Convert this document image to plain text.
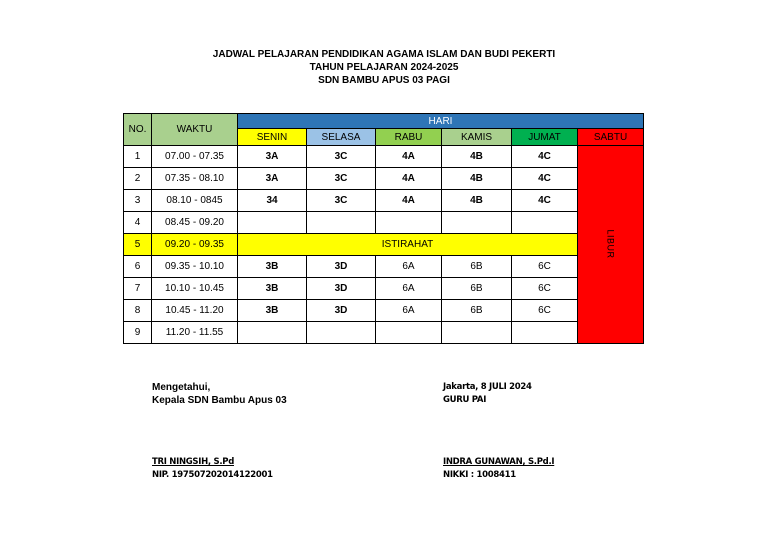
JADWAL PELAJARAN PENDIDIKAN AGAMA ISLAM DAN BUDI PEKERTI
TAHUN PELAJARAN 2024-2025
SDN BAMBU APUS 03 PAGI
NO.	WAKTU	HARI					
		SENIN	SELASA	RABU	KAMIS	JUMAT	SABTU
1	07.00 - 07.35	3A	3C	4A	4B	4C	LIBUR
2	07.35 - 08.10	3A	3C	4A	4B	4C	
3	08.10 - 0845	34	3C	4A	4B	4C	
4	08.45 - 09.20						
5	09.20 - 09.35	ISTIRAHAT					
6	09.35 - 10.10	3B	3D	6A	6B	6C	
7	10.10 - 10.45	3B	3D	6A	6B	6C	
8	10.45 - 11.20	3B	3D	6A	6B	6C	
9	11.20 - 11.55						
Mengetahui,
Kepala SDN Bambu Apus 03
TRI NINGSIH, S.Pd
NIP. 197507202014122001
Jakarta, 8 JULI 2024
GURU PAI
INDRA GUNAWAN, S.Pd.I
NIKKI : 1008411
